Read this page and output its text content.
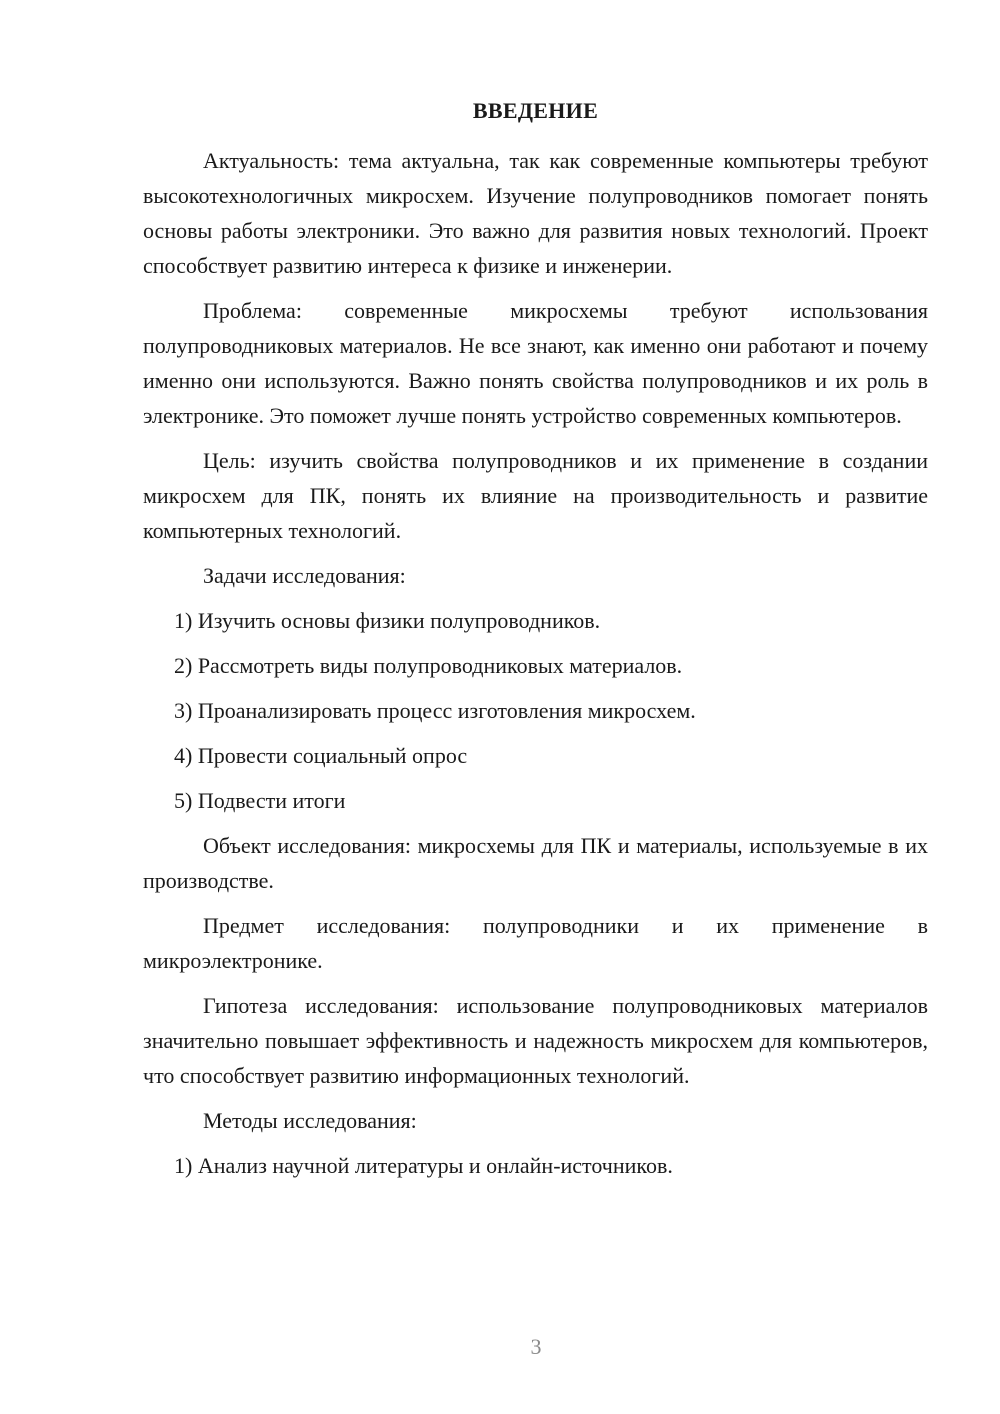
ВВЕДЕНИЕ

Актуальность: тема актуальна, так как современные компьютеры требуют высокотехнологичных микросхем. Изучение полупроводников помогает понять основы работы электроники. Это важно для развития новых технологий. Проект способствует развитию интереса к физике и инженерии.

Проблема: современные микросхемы требуют использования полупроводниковых материалов. Не все знают, как именно они работают и почему именно они используются. Важно понять свойства полупроводников и их роль в электронике. Это поможет лучше понять устройство современных компьютеров.

Цель: изучить свойства полупроводников и их применение в создании микросхем для ПК, понять их влияние на производительность и развитие компьютерных технологий.

Задачи исследования:

1) Изучить основы физики полупроводников.
2) Рассмотреть виды полупроводниковых материалов.
3) Проанализировать процесс изготовления микросхем.
4) Провести социальный опрос
5) Подвести итоги

Объект исследования: микросхемы для ПК и материалы, используемые в их производстве.

Предмет исследования: полупроводники и их применение в микроэлектронике.

Гипотеза исследования: использование полупроводниковых материалов значительно повышает эффективность и надежность микросхем для компьютеров, что способствует развитию информационных технологий.

Методы исследования:

1) Анализ научной литературы и онлайн-источников.
3
